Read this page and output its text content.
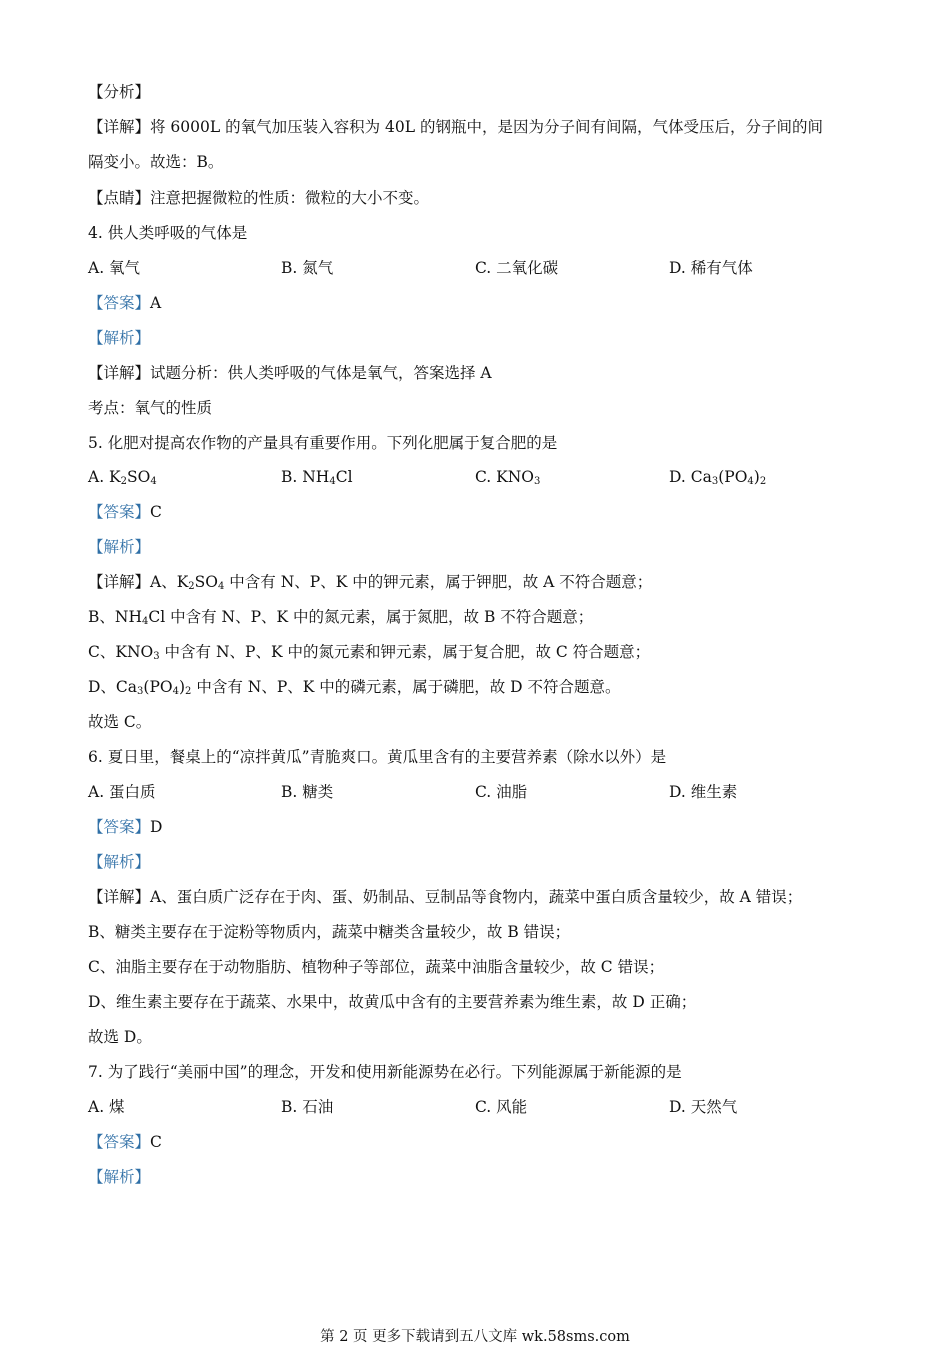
【分析】
【详解】将 6000L 的氧气加压装入容积为 40L 的钢瓶中，是因为分子间有间隔，气体受压后，分子间的间
隔变小。故选：B。
【点睛】注意把握微粒的性质：微粒的大小不变。
4. 供人类呼吸的气体是
A. 氧气	B. 氮气	C. 二氧化碳	D. 稀有气体
【答案】A
【解析】
【详解】试题分析：供人类呼吸的气体是氧气，答案选择 A
考点：氧气的性质
5. 化肥对提高农作物的产量具有重要作用。下列化肥属于复合肥的是
A. $K_2SO_4$	B. $NH_4Cl$	C. $KNO_3$	D. $Ca_3(PO_4)_2$
【答案】C
【解析】
【详解】A、$K_2SO_4$ 中含有 N、P、K 中的钾元素，属于钾肥，故 A 不符合题意；
B、$NH_4Cl$ 中含有 N、P、K 中的氮元素，属于氮肥，故 B 不符合题意；
C、$KNO_3$ 中含有 N、P、K 中的氮元素和钾元素，属于复合肥，故 C 符合题意；
D、$Ca_3(PO_4)_2$ 中含有 N、P、K 中的磷元素，属于磷肥，故 D 不符合题意。
故选 C。
6. 夏日里，餐桌上的“凉拌黄瓜”青脆爽口。黄瓜里含有的主要营养素（除水以外）是
A. 蛋白质	B. 糖类	C. 油脂	D. 维生素
【答案】D
【解析】
【详解】A、蛋白质广泛存在于肉、蛋、奶制品、豆制品等食物内，蔬菜中蛋白质含量较少，故 A 错误；
B、糖类主要存在于淀粉等物质内，蔬菜中糖类含量较少，故 B 错误；
C、油脂主要存在于动物脂肪、植物种子等部位，蔬菜中油脂含量较少，故 C 错误；
D、维生素主要存在于蔬菜、水果中，故黄瓜中含有的主要营养素为维生素，故 D 正确；
故选 D。
7. 为了践行“美丽中国”的理念，开发和使用新能源势在必行。下列能源属于新能源的是
A. 煤	B. 石油	C. 风能	D. 天然气
【答案】C
【解析】
第 2 页 更多下载请到五八文库 wk.58sms.com
